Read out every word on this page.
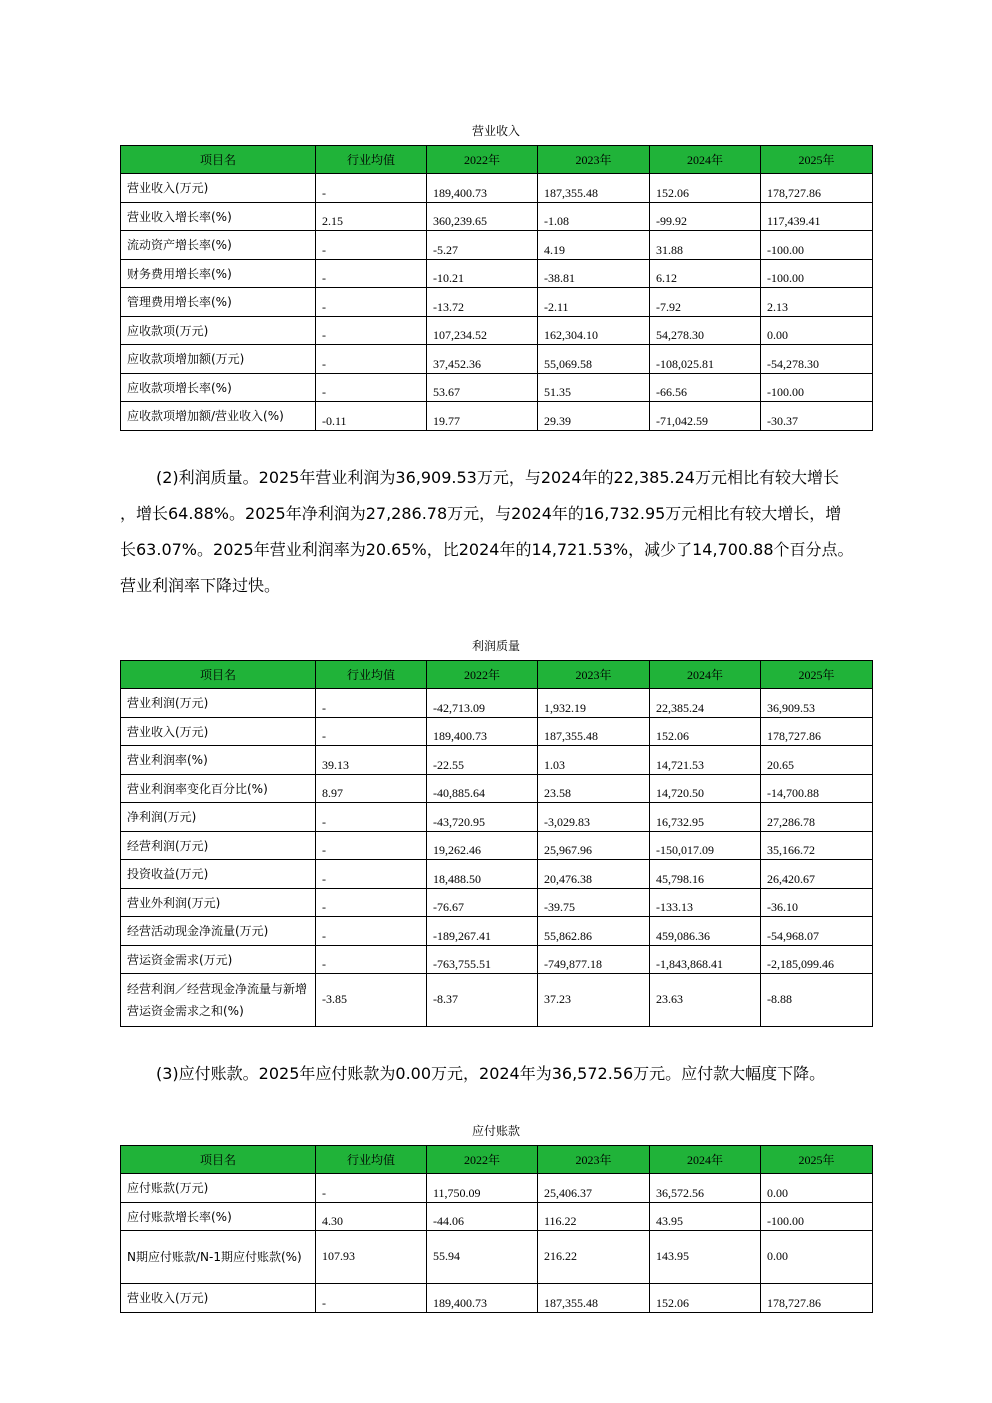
营业收入
项目名	行业均值	2022年	2023年	2024年	2025年
营业收入(万元)	-	189,400.73	187,355.48	152.06	178,727.86
营业收入增长率(%)	2.15	360,239.65	-1.08	-99.92	117,439.41
流动资产增长率(%)	-	-5.27	4.19	31.88	-100.00
财务费用增长率(%)	-	-10.21	-38.81	6.12	-100.00
管理费用增长率(%)	-	-13.72	-2.11	-7.92	2.13
应收款项(万元)	-	107,234.52	162,304.10	54,278.30	0.00
应收款项增加额(万元)	-	37,452.36	55,069.58	-108,025.81	-54,278.30
应收款项增长率(%)	-	53.67	51.35	-66.56	-100.00
应收款项增加额/营业收入(%)	-0.11	19.77	29.39	-71,042.59	-30.37
(2)利润质量。2025年营业利润为36,909.53万元，与2024年的22,385.24万元相比有较大增长
，增长64.88%。2025年净利润为27,286.78万元，与2024年的16,732.95万元相比有较大增长，增
长63.07%。2025年营业利润率为20.65%，比2024年的14,721.53%，减少了14,700.88个百分点。
营业利润率下降过快。
利润质量
项目名	行业均值	2022年	2023年	2024年	2025年
营业利润(万元)	-	-42,713.09	1,932.19	22,385.24	36,909.53
营业收入(万元)	-	189,400.73	187,355.48	152.06	178,727.86
营业利润率(%)	39.13	-22.55	1.03	14,721.53	20.65
营业利润率变化百分比(%)	8.97	-40,885.64	23.58	14,720.50	-14,700.88
净利润(万元)	-	-43,720.95	-3,029.83	16,732.95	27,286.78
经营利润(万元)	-	19,262.46	25,967.96	-150,017.09	35,166.72
投资收益(万元)	-	18,488.50	20,476.38	45,798.16	26,420.67
营业外利润(万元)	-	-76.67	-39.75	-133.13	-36.10
经营活动现金净流量(万元)	-	-189,267.41	55,862.86	459,086.36	-54,968.07
营运资金需求(万元)	-	-763,755.51	-749,877.18	-1,843,868.41	-2,185,099.46
经营利润／经营现金净流量与新增营运资金需求之和(%)	-3.85	-8.37	37.23	23.63	-8.88
(3)应付账款。2025年应付账款为0.00万元，2024年为36,572.56万元。应付款大幅度下降。
应付账款
项目名	行业均值	2022年	2023年	2024年	2025年
应付账款(万元)	-	11,750.09	25,406.37	36,572.56	0.00
应付账款增长率(%)	4.30	-44.06	116.22	43.95	-100.00
N期应付账款/N-1期应付账款(%)	107.93	55.94	216.22	143.95	0.00
营业收入(万元)	-	189,400.73	187,355.48	152.06	178,727.86
